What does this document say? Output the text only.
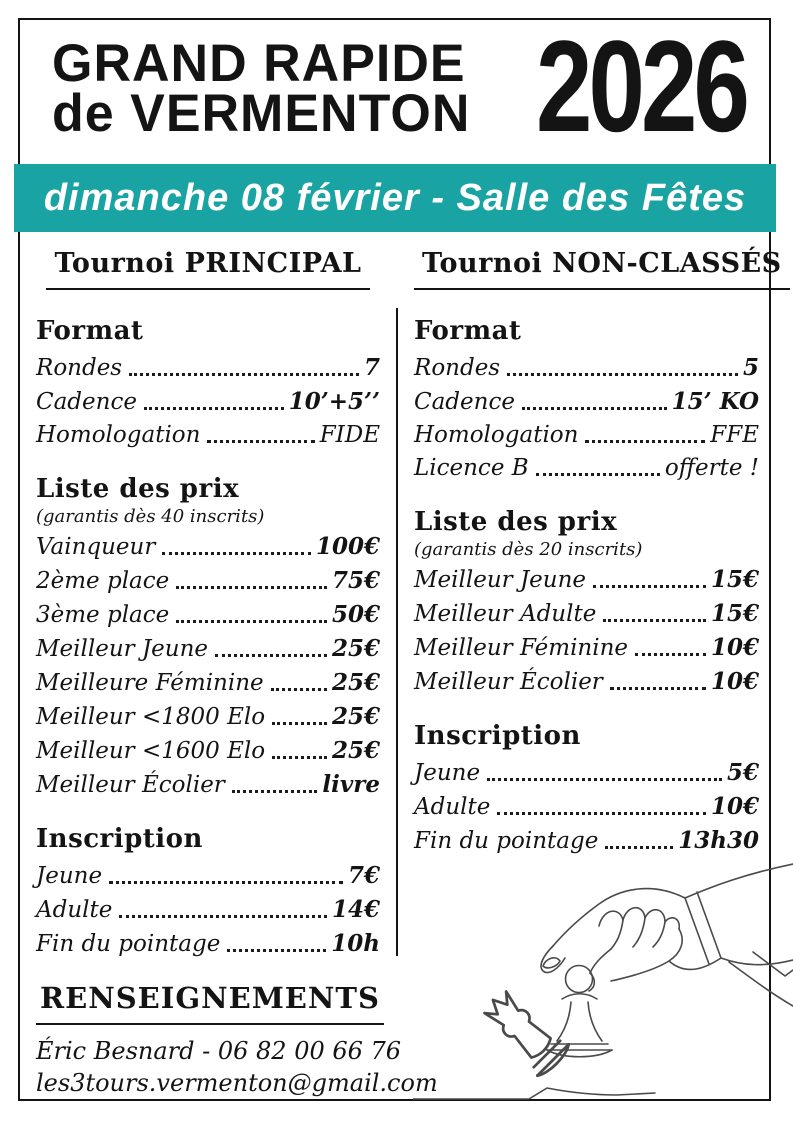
GRAND RAPIDE
de VERMENTON 2026
dimanche 08 février - Salle des Fêtes
Tournoi PRINCIPAL
Format
Rondes	7
Cadence	10’+5’’
Homologation	FIDE
Liste des prix
(garantis dès 40 inscrits)
Vainqueur	100€
2ème place	75€
3ème place	50€
Meilleur Jeune	25€
Meilleure Féminine	25€
Meilleur <1800 Elo	25€
Meilleur <1600 Elo	25€
Meilleur Écolier	livre
Inscription
Jeune	7€
Adulte	14€
Fin du pointage	10h
RENSEIGNEMENTS
Éric Besnard - 06 82 00 66 76
les3tours.vermenton@gmail.com
Tournoi NON-CLASSÉS
Format
Rondes	5
Cadence	15’ KO
Homologation	FFE
Licence B	offerte !
Liste des prix
(garantis dès 20 inscrits)
Meilleur Jeune	15€
Meilleur Adulte	15€
Meilleur Féminine	10€
Meilleur Écolier	10€
Inscription
Jeune	5€
Adulte	10€
Fin du pointage	13h30
